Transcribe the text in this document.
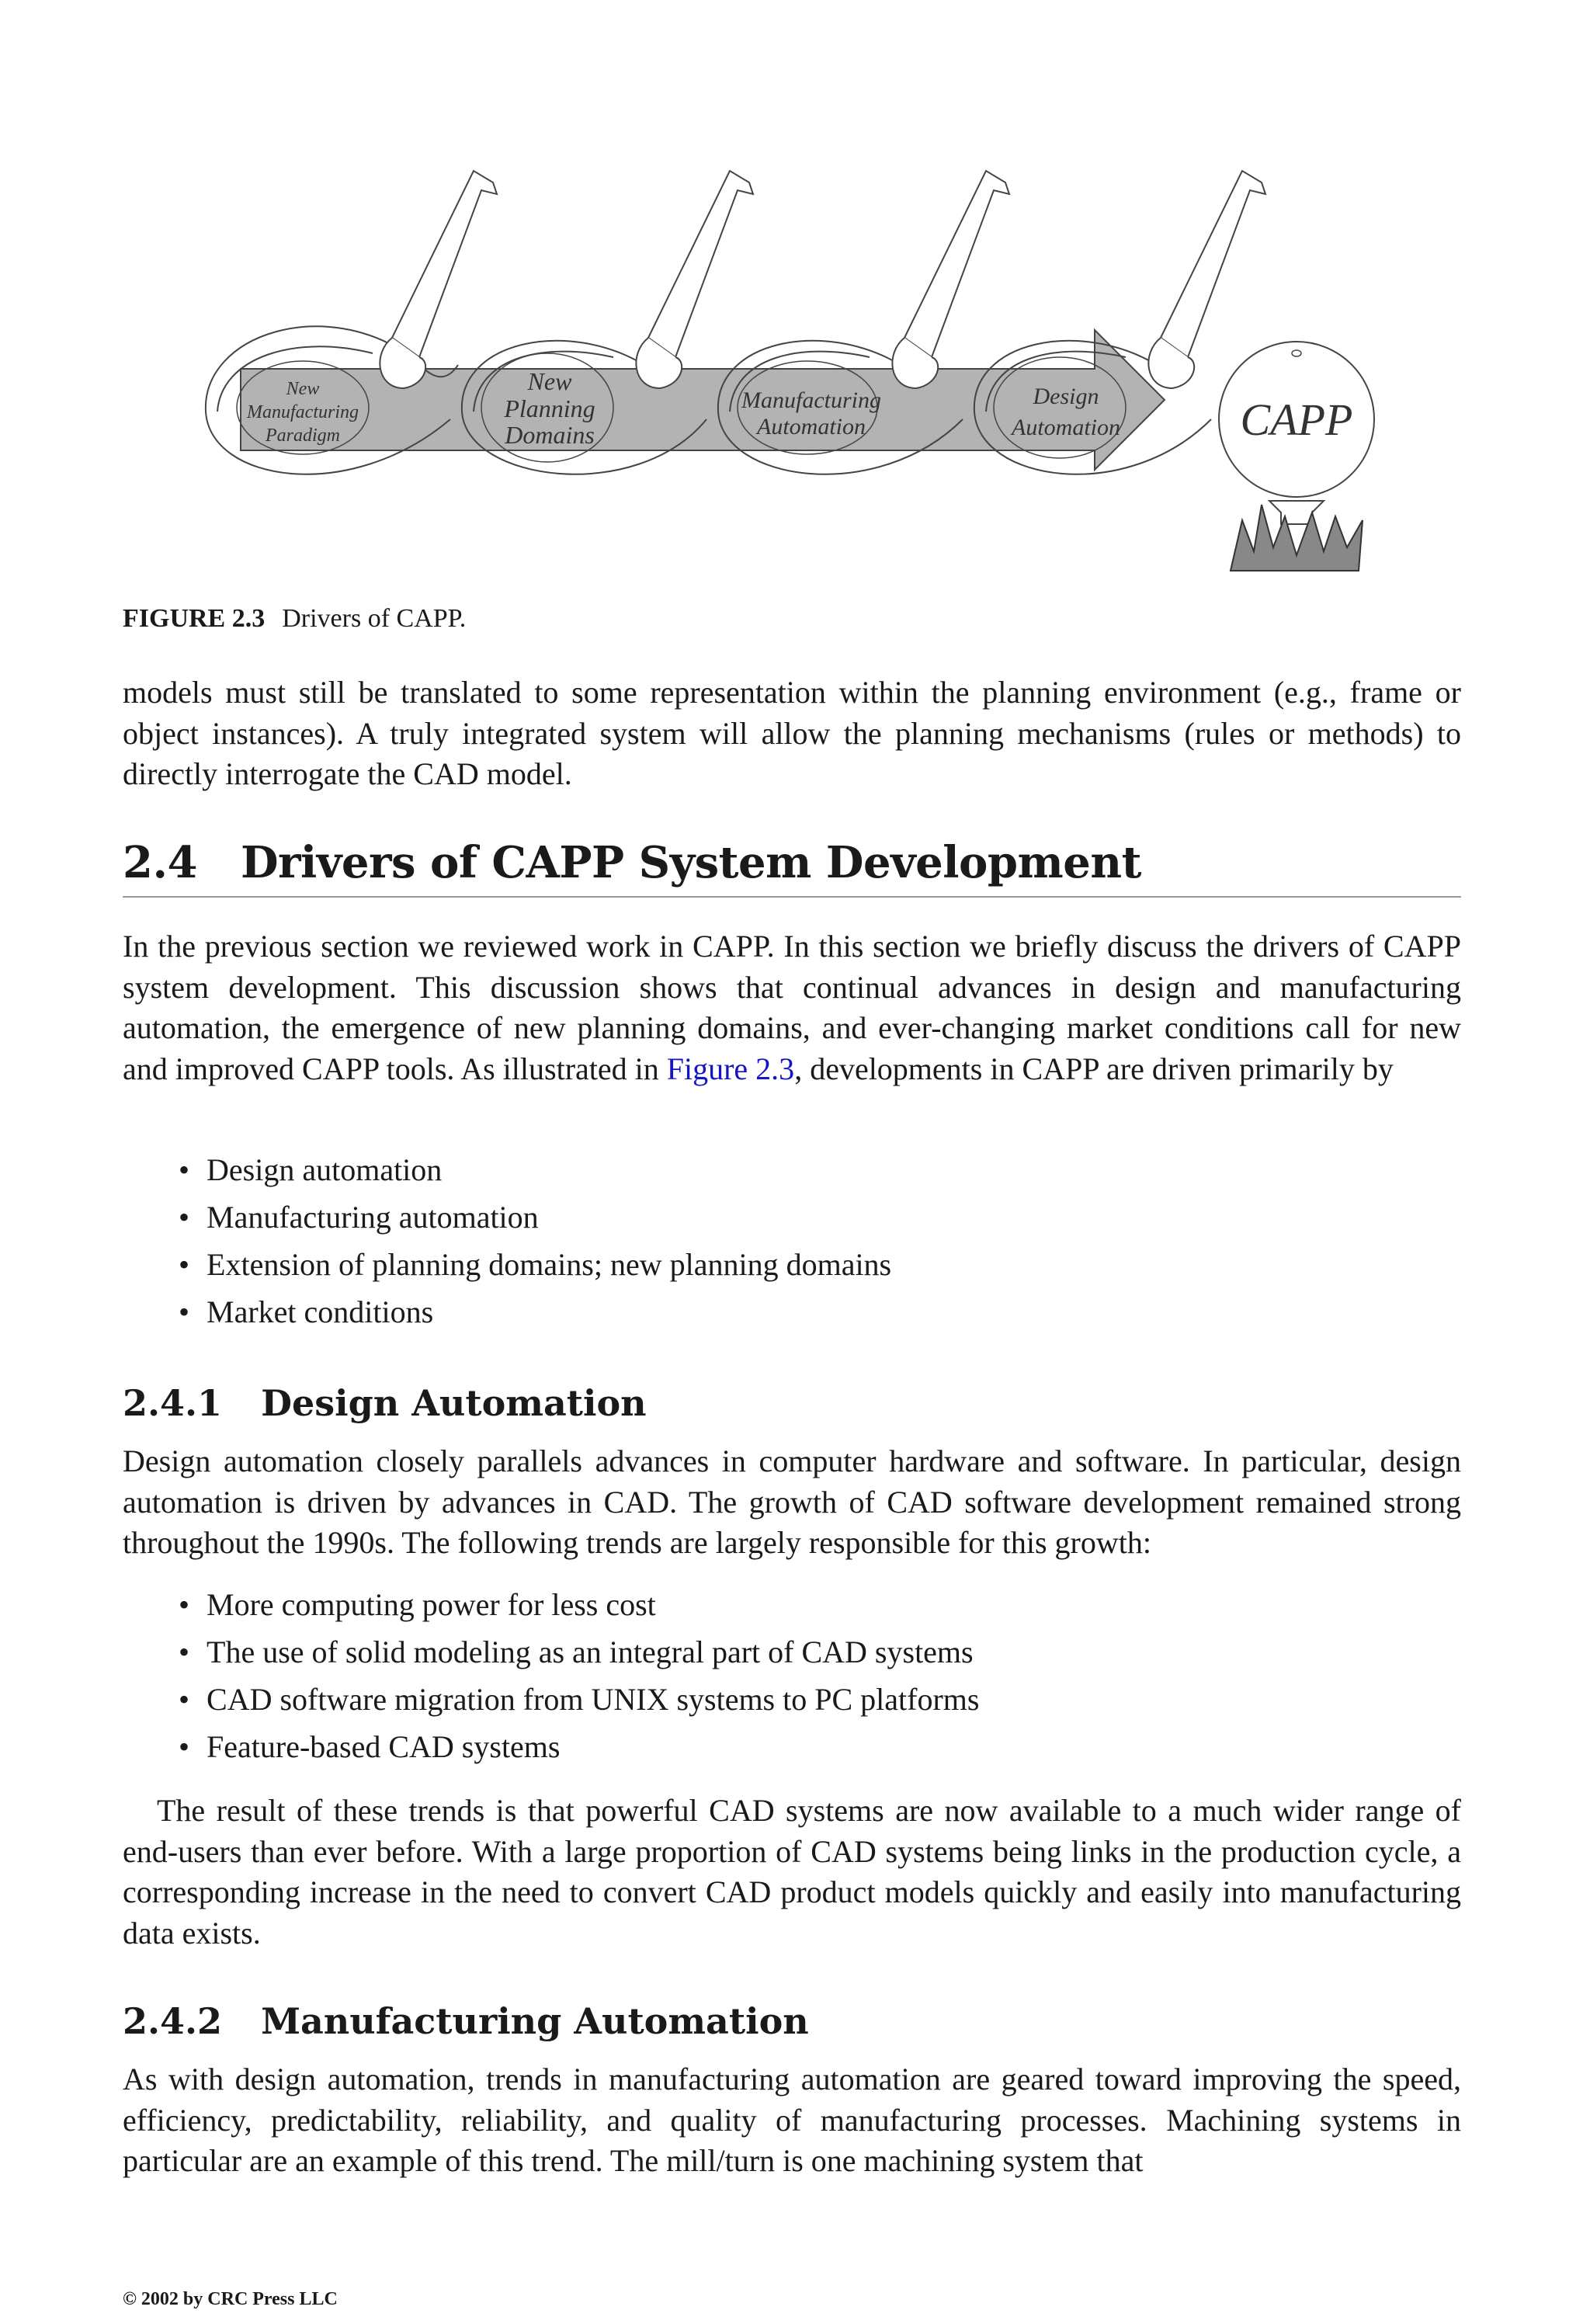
New
Manufacturing
Paradigm
New
Planning
Domains
Manufacturing
Automation
Design
Automation	CAPP
FIGURE 2.3 Drivers of CAPP.

models must still be translated to some representation within the planning environment (e.g., frame or object instances). A truly integrated system will allow the planning mechanisms (rules or methods) to directly interrogate the CAD model.

2.4 Drivers of CAPP System Development

In the previous section we reviewed work in CAPP. In this section we briefly discuss the drivers of CAPP system development. This discussion shows that continual advances in design and manufacturing automation, the emergence of new planning domains, and ever-changing market conditions call for new and improved CAPP tools. As illustrated in Figure 2.3, developments in CAPP are driven primarily by

• Design automation
• Manufacturing automation
• Extension of planning domains; new planning domains
• Market conditions
2.4.1 Design Automation

Design automation closely parallels advances in computer hardware and software. In particular, design automation is driven by advances in CAD. The growth of CAD software development remained strong throughout the 1990s. The following trends are largely responsible for this growth:

• More computing power for less cost
• The use of solid modeling as an integral part of CAD systems
• CAD software migration from UNIX systems to PC platforms
• Feature-based CAD systems

The result of these trends is that powerful CAD systems are now available to a much wider range of end-users than ever before. With a large proportion of CAD systems being links in the production cycle, a corresponding increase in the need to convert CAD product models quickly and easily into manufacturing data exists.

2.4.2 Manufacturing Automation

As with design automation, trends in manufacturing automation are geared toward improving the speed, efficiency, predictability, reliability, and quality of manufacturing processes. Machining systems in particular are an example of this trend. The mill/turn is one machining system that

© 2002 by CRC Press LLC
